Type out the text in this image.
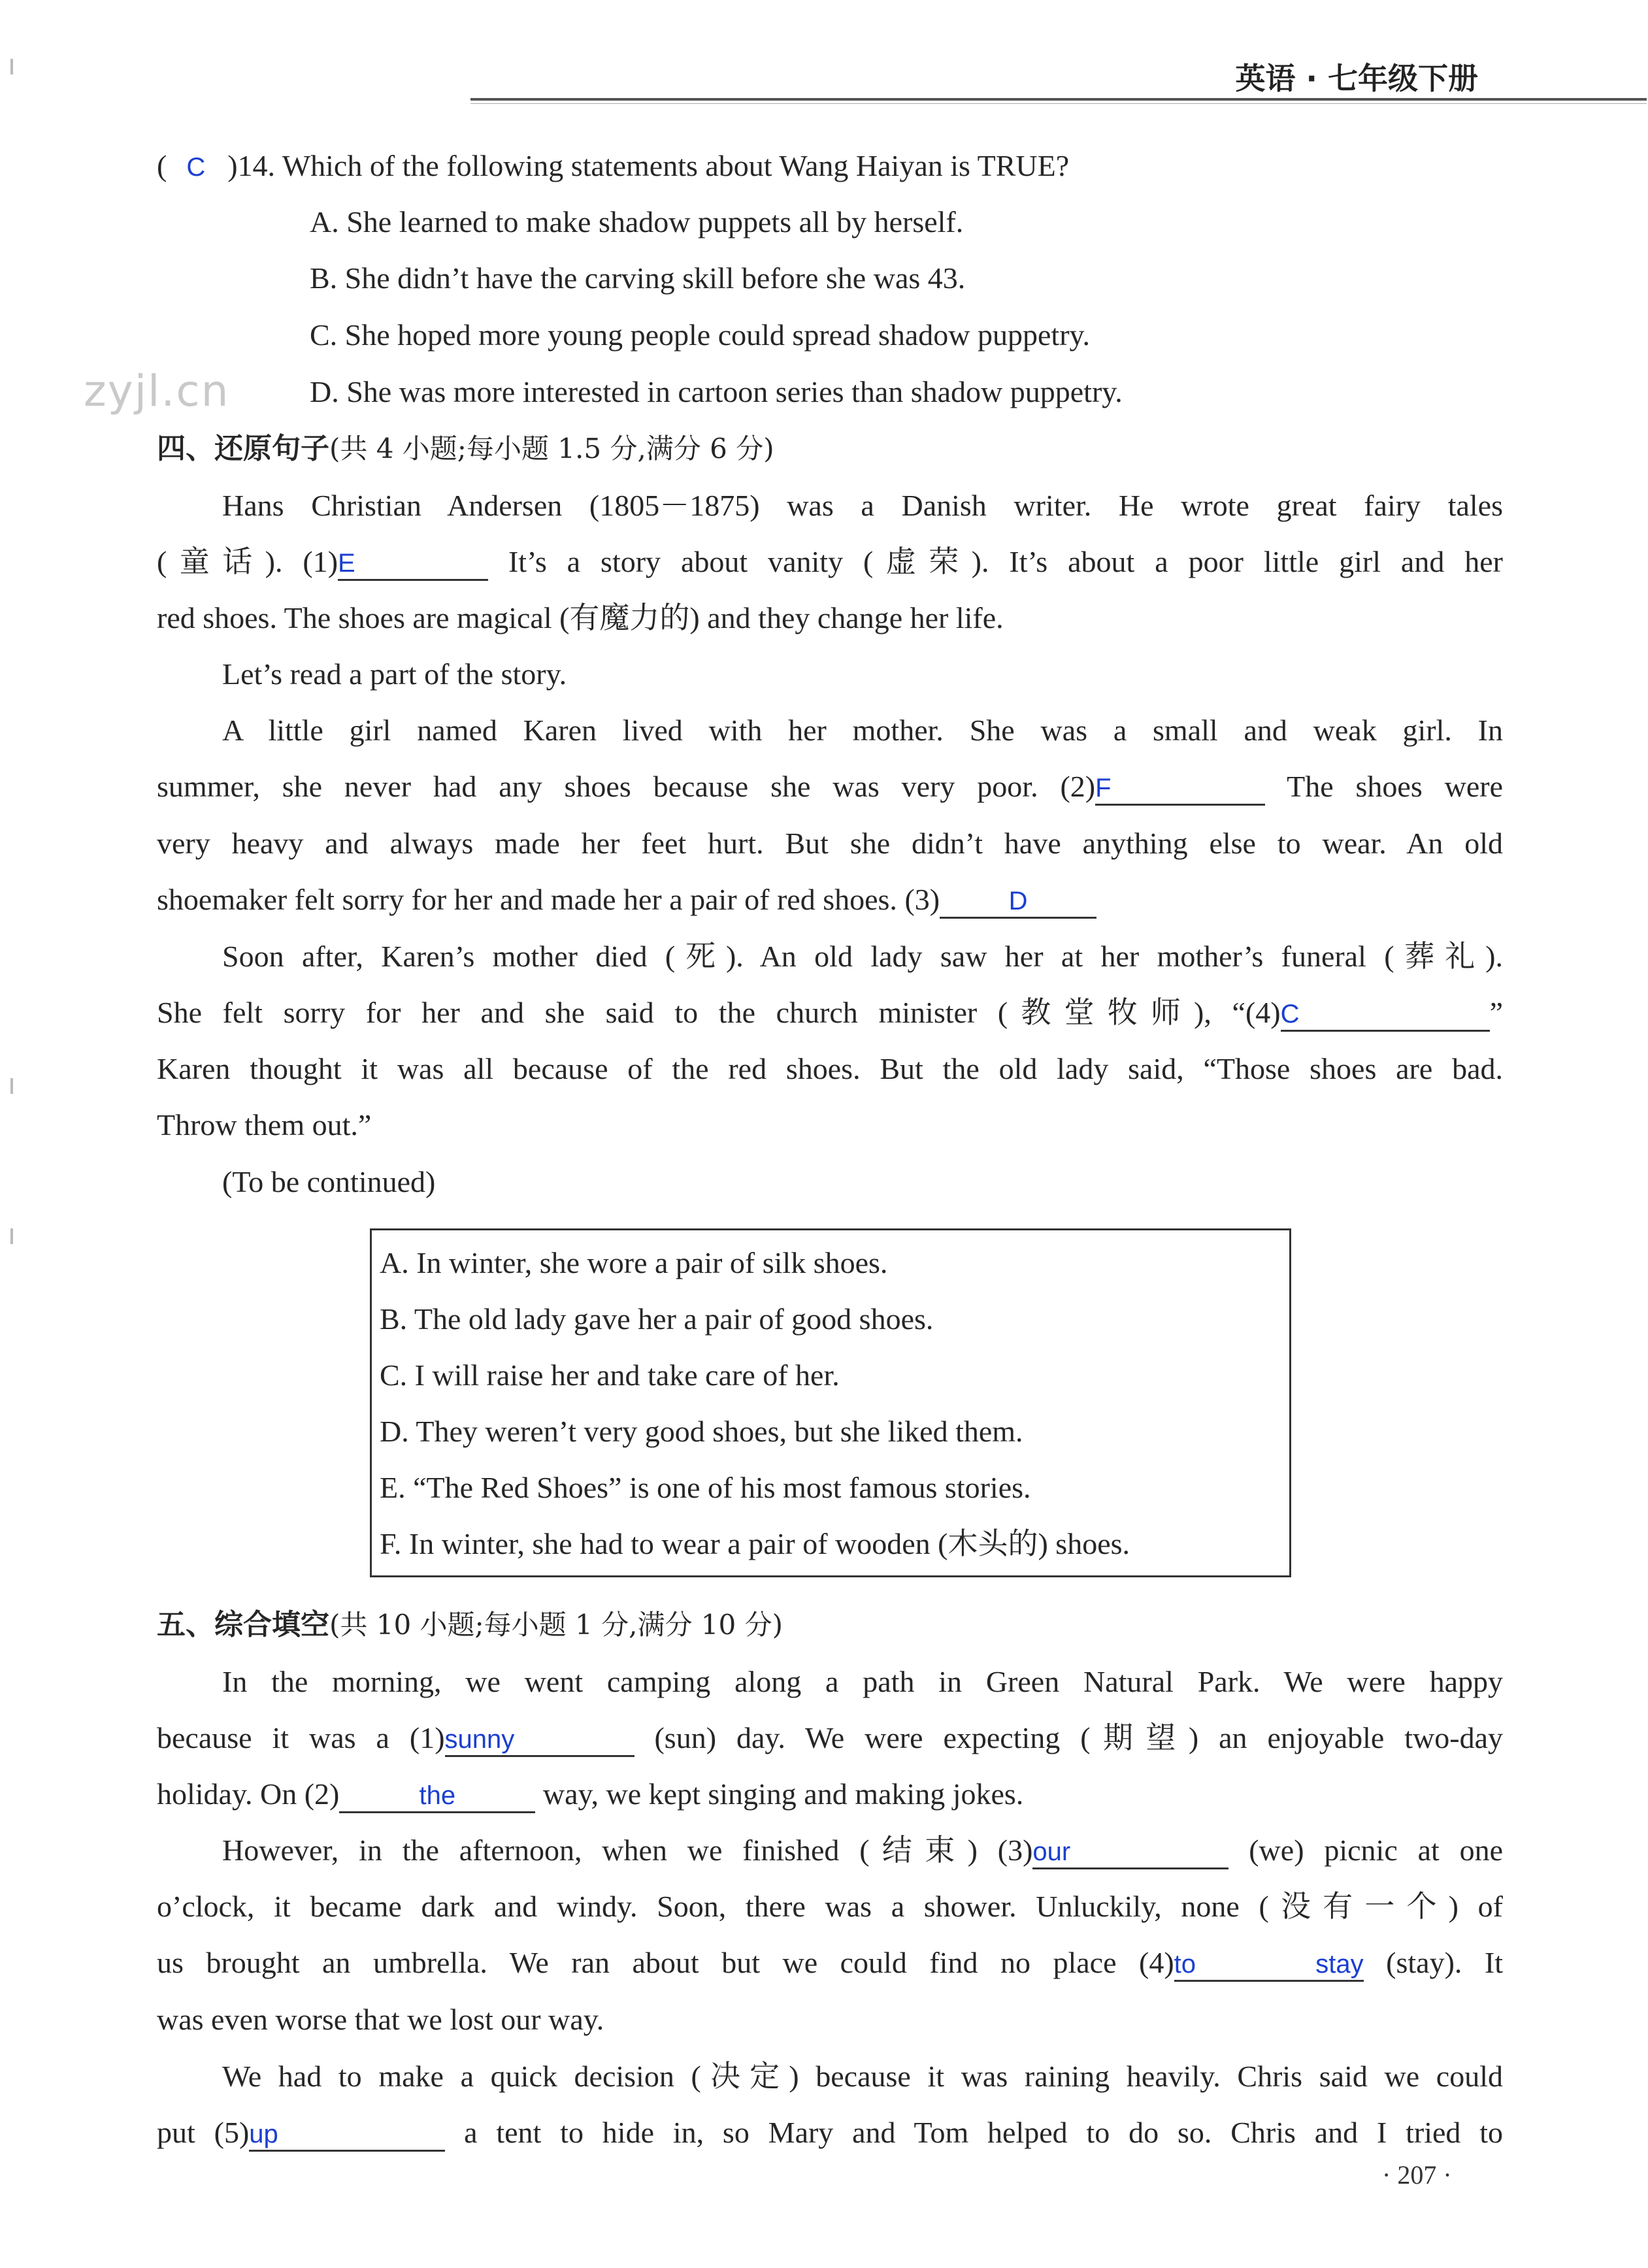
英语 · 七年级下册
zyjl.cn
( C )14. Which of the following statements about Wang Haiyan is TRUE?
A. She learned to make shadow puppets all by herself.
B. She didn’t have the carving skill before she was 43.
C. She hoped more young people could spread shadow puppetry.
D. She was more interested in cartoon series than shadow puppetry.
四、还原句子(共 4 小题;每小题 1.5 分,满分 6 分)
Hans Christian Andersen (1805－1875) was a Danish writer. He wrote great fairy tales
(童话). (1)E	It’s a story about vanity (虚荣). It’s about a poor little girl and her
red shoes. The shoes are magical (有魔力的) and they change her life.
Let’s read a part of the story.
A little girl named Karen lived with her mother. She was a small and weak girl. In
summer, she never had any shoes because she was very poor. (2)F	The shoes were
very heavy and always made her feet hurt. But she didn’t have anything else to wear. An old
shoemaker felt sorry for her and made her a pair of red shoes. (3)	D
Soon after, Karen’s mother died (死). An old lady saw her at her mother’s funeral (葬礼).
She felt sorry for her and she said to the church minister (教堂牧师), “(4)C	”
Karen thought it was all because of the red shoes. But the old lady said, “Those shoes are bad.
Throw them out.”
(To be continued)
A. In winter, she wore a pair of silk shoes.
B. The old lady gave her a pair of good shoes.
C. I will raise her and take care of her.
D. They weren’t very good shoes, but she liked them.
E. “The Red Shoes” is one of his most famous stories.
F. In winter, she had to wear a pair of wooden (木头的) shoes.
五、综合填空(共 10 小题;每小题 1 分,满分 10 分)
In the morning, we went camping along a path in Green Natural Park. We were happy
because it was a (1)sunny	(sun) day. We were expecting (期望) an enjoyable two-day
holiday. On (2)	the	way, we kept singing and making jokes.
However, in the afternoon, when we finished (结束) (3)our	(we) picnic at one
o’clock, it became dark and windy. Soon, there was a shower. Unluckily, none (没有一个) of
us brought an umbrella. We ran about but we could find no place (4)to stay (stay). It
was even worse that we lost our way.
We had to make a quick decision (决定) because it was raining heavily. Chris said we could
put (5)up	a tent to hide in, so Mary and Tom helped to do so. Chris and I tried to
· 207 ·
